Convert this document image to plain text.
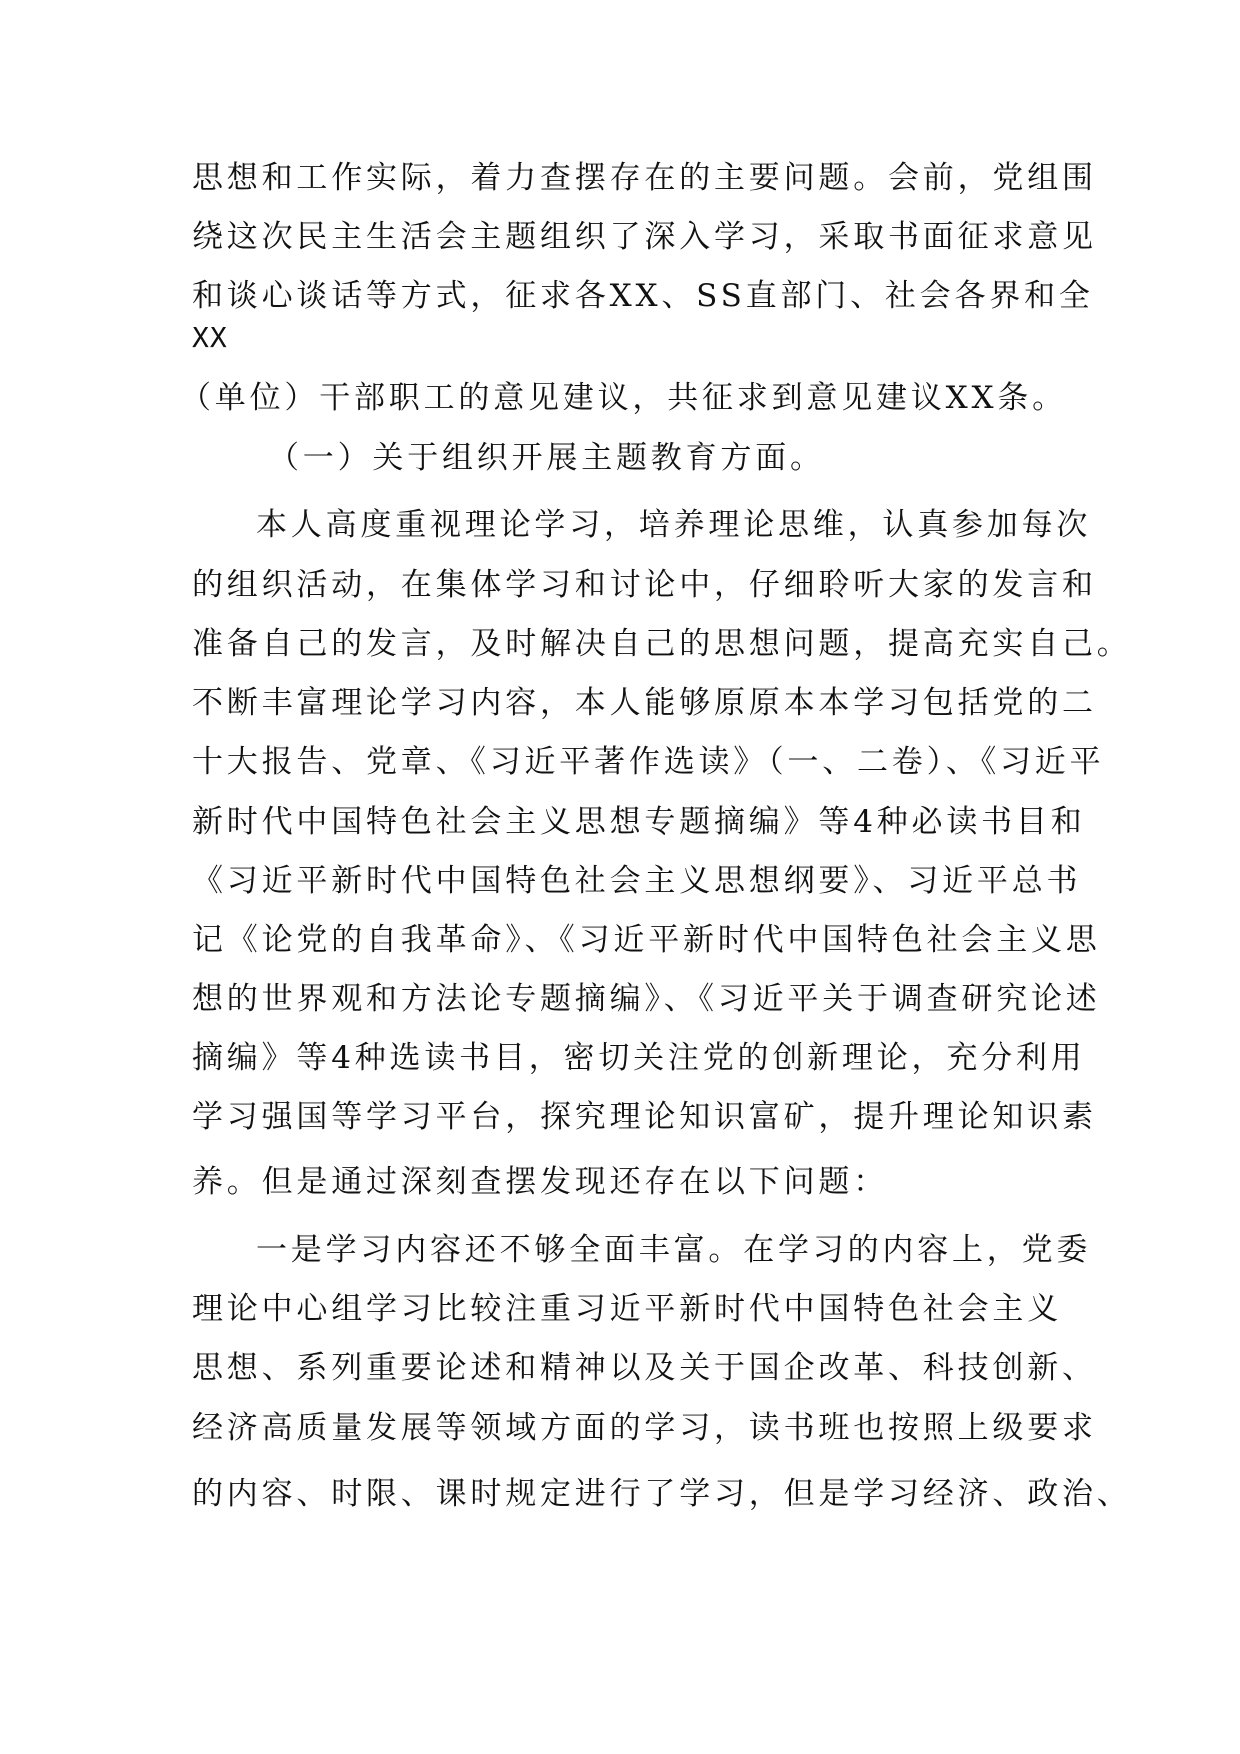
思想和工作实际，着力查摆存在的主要问题。会前，党组围
绕这次民主生活会主题组织了深入学习，采取书面征求意见
和谈心谈话等方式，征求各XX、SS直部门、社会各界和全
XX
（单位）干部职工的意见建议，共征求到意见建议XX条。
（一）关于组织开展主题教育方面。
本人高度重视理论学习，培养理论思维，认真参加每次
的组织活动，在集体学习和讨论中，仔细聆听大家的发言和
准备自己的发言，及时解决自己的思想问题，提高充实自己。
不断丰富理论学习内容，本人能够原原本本学习包括党的二
十大报告、党章、《习近平著作选读》（一、二卷）、《习近平
新时代中国特色社会主义思想专题摘编》等4种必读书目和
《习近平新时代中国特色社会主义思想纲要》、习近平总书
记《论党的自我革命》、《习近平新时代中国特色社会主义思
想的世界观和方法论专题摘编》、《习近平关于调查研究论述
摘编》等4种选读书目，密切关注党的创新理论，充分利用
学习强国等学习平台，探究理论知识富矿，提升理论知识素
养。但是通过深刻查摆发现还存在以下问题：
一是学习内容还不够全面丰富。在学习的内容上，党委
理论中心组学习比较注重习近平新时代中国特色社会主义
思想、系列重要论述和精神以及关于国企改革、科技创新、
经济高质量发展等领域方面的学习，读书班也按照上级要求
的内容、时限、课时规定进行了学习，但是学习经济、政治、
